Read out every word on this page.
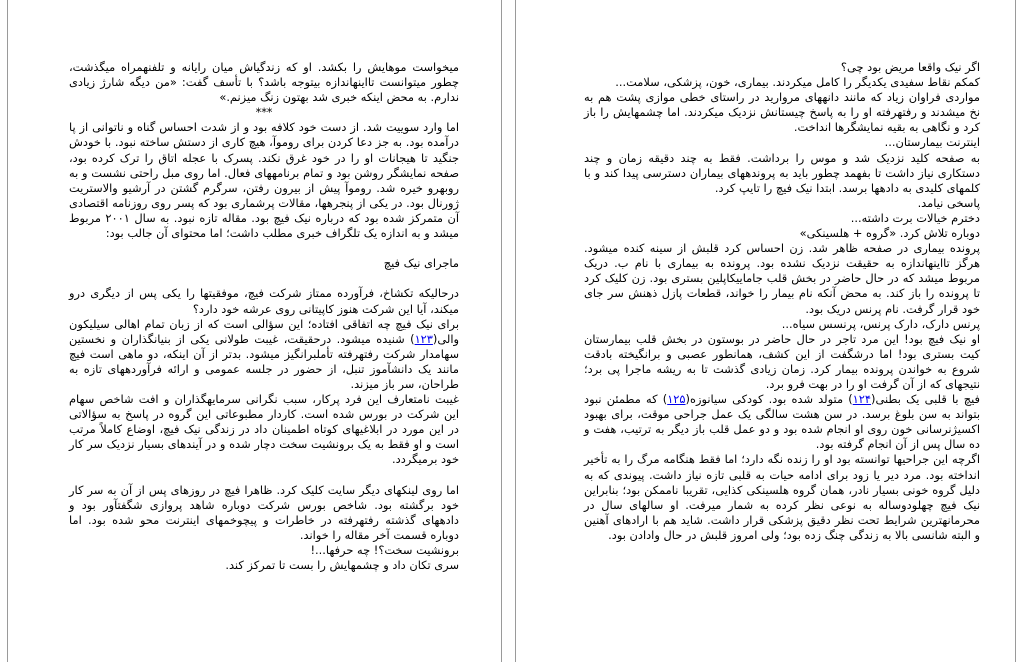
اگر نیک واقعا مریض بود چی؟

کمکم نقاط سفیدی یکدیگر را کامل میکردند. بیماری، خون، پزشکی، سلامت...

مواردی فراوان زیاد که مانند دانههای مروارید در راستای خطی موازی پشت هم به نخ میشدند و رفتهرفته او را به پاسخ چیستانش نزدیک میکردند. اما چشمهایش را باز کرد و نگاهی به بقیه نمایشگرها انداخت.

اینترنت بیمارستان...

به صفحه کلید نزدیک شد و موس را برداشت. فقط به چند دقیقه زمان و چند دستکاری نیاز داشت تا بفهمد چطور باید به پروندههای بیماران دسترسی پیدا کند و با کلمهای کلیدی به دادهها برسد. ابتدا نیک فیچ را تایپ کرد.

پاسخی نیامد.

دخترم خیالات برت داشته...

دوباره تلاش کرد. «گروه + هلسینکی»

پرونده بیماری در صفحه ظاهر شد. زن احساس کرد قلبش از سینه کنده میشود. هرگز تااینهاندازه به حقیقت نزدیک نشده بود. پرونده به بیماری با نام ب. دریک مربوط میشد که در حال حاضر در بخش قلب جاماییکاپلین بستری بود. زن کلیک کرد تا پرونده را باز کند. به محض آنکه نام بیمار را خواند، قطعات پازل ذهنش سر جای خود قرار گرفت. نام پرنس دریک بود.

پرنس دارک، دارک پرنس، پرنسس سیاه...

او نیک فیچ بود! این مرد تاجر در حال حاضر در بوستون در بخش قلب بیمارستان کیت بستری بود! اما درشگفت از این کشف، همانطور عصبی و برانگیخته بادقت شروع به خواندن پرونده بیمار کرد. زمان زیادی گذشت تا به ریشه ماجرا پی برد؛ نتیجهای که از آن گرفت او را در بهت فرو برد.

فیچ با قلبی یک بطنی(۱۲۴) متولد شده بود. کودکی سیانوزه(۱۲۵) که مطمئن نبود بتواند به سن بلوغ برسد. در سن هشت سالگی یک عمل جراحی موقت، برای بهبود اکسیژنرسانی خون روی او انجام شده بود و دو عمل قلب باز دیگر به ترتیب، هفت و ده سال پس از آن انجام گرفته بود.

اگرچه این جراحیها توانسته بود او را زنده نگه دارد؛ اما فقط هنگامه مرگ را به تأخیر انداخته بود. مرد دیر یا زود برای ادامه حیات به قلبی تازه نیاز داشت. پیوندی که به دلیل گروه خونی بسیار نادر، همان گروه هلسینکی کذایی، تقریبا ناممکن بود؛ بنابراین نیک فیچ چهلودوساله به نوعی نظر کرده به شمار میرفت. او سالهای سال در محرمانهترین شرایط تحت نظر دقیق پزشکی قرار داشت. شاید هم با ارادهای آهنین و البته شانسی بالا به زندگی چنگ زده بود؛ ولی امروز قلبش در حال وادادن بود.

میخواست موهایش را بکشد. او که زندگیاش میان رایانه و تلفنهمراه میگذشت، چطور میتوانست تااینهاندازه بیتوجه باشد؟ با تأسف گفت: «من دیگه شارژ زیادی ندارم. به محض اینکه خبری شد بهتون زنگ میزنم.»

***

اما وارد سوییت شد. از دست خود کلافه بود و از شدت احساس گناه و ناتوانی از پا درآمده بود. به جز دعا کردن برای روموآ، هیچ کاری از دستش ساخته نبود. با خودش جنگید تا هیجانات او را در خود غرق نکند. پسرک با عجله اتاق را ترک کرده بود، صفحه نمایشگر روشن بود و تمام برنامههای فعال. اما روی مبل راحتی نشست و به روبهرو خیره شد. روموآ پیش از بیرون رفتن، سرگرم گشتن در آرشیو والاستریت ژورنال بود. در یکی از پنجرهها، مقالات پرشماری بود که پسر روی روزنامه اقتصادی آن متمرکز شده بود که درباره نیک فیچ بود. مقاله تازه نبود. به سال ۲۰۰۱ مربوط میشد و به اندازه یک تلگراف خبری مطلب داشت؛ اما محتوای آن جالب بود:

ماجرای نیک فیچ

درحالیکه تکشاخ، فرآورده ممتاز شرکت فیچ، موفقیتها را یکی پس از دیگری درو میکند، آیا این شرکت هنوز کاپیتانی روی عرشه خود دارد؟

برای نیک فیچ چه اتفاقی افتاده؛ این سؤالی است که از زبان تمام اهالی سیلیکون والی(۱۲۳) شنیده میشود. درحقیقت، غیبت طولانی یکی از بنیانگذاران و نخستین سهامدار شرکت رفتهرفته تأملبرانگیز میشود. بدتر از آن اینکه، دو ماهی است فیچ مانند یک دانشآموز تنبل، از حضور در جلسه عمومی و ارائه فرآوردههای تازه به طراحان، سر باز میزند.

غیبت نامتعارف این فرد پرکار، سبب نگرانی سرمایهگذاران و افت شاخص سهام این شرکت در بورس شده است. کاردار مطبوعاتی این گروه در پاسخ به سؤالاتی در این مورد در ابلاغیهای کوتاه اطمینان داد در زندگی نیک فیچ، اوضاع کاملاً مرتب است و او فقط به یک برونشیت سخت دچار شده و در آیندهای بسیار نزدیک سر کار خود برمیگردد.

اما روی لینکهای دیگر سایت کلیک کرد. ظاهرا فیچ در روزهای پس از آن به سر کار خود برگشته بود. شاخص بورس شرکت دوباره شاهد پروازی شگفتآور بود و دادههای گذشته رفتهرفته در خاطرات و پیچوخمهای اینترنت محو شده بود. اما دوباره قسمت آخر مقاله را خواند.

برونشیت سخت؟! چه حرفها...!

سری تکان داد و چشمهایش را بست تا تمرکز کند.
